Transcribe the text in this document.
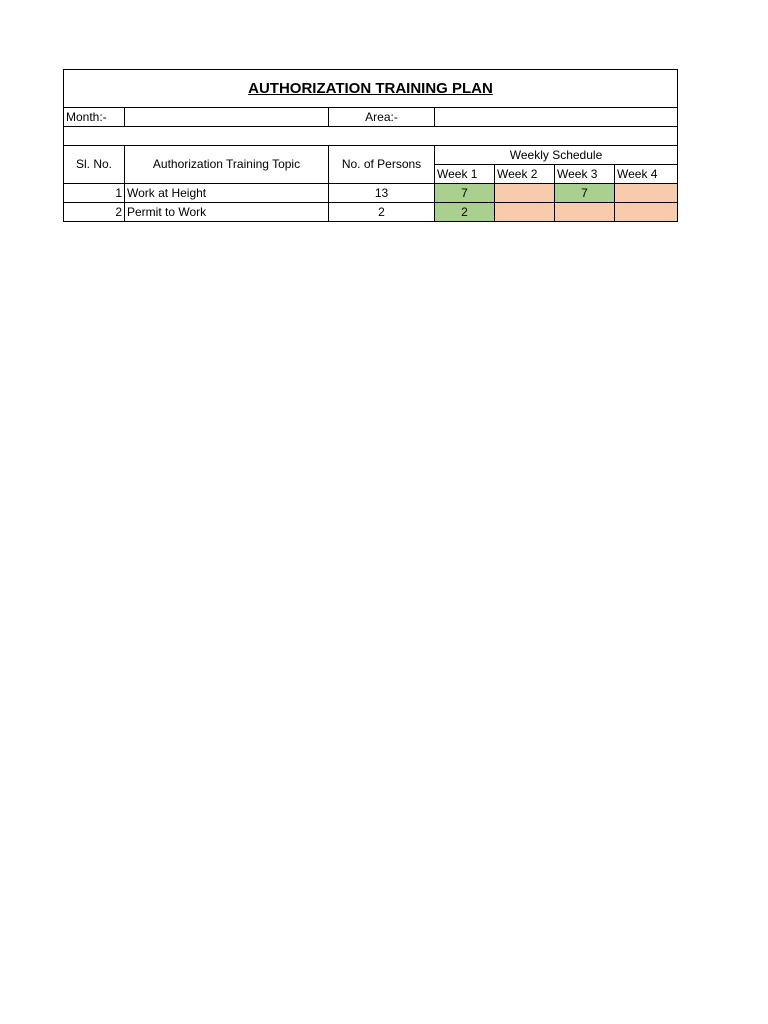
AUTHORIZATION TRAINING PLAN						
Month:-		Area:-				

Sl. No.	Authorization Training Topic	No. of Persons	Weekly Schedule			
			Week 1	Week 2	Week 3	Week 4
1	Work at Height	13	7		7	
2	Permit to Work	2	2			
